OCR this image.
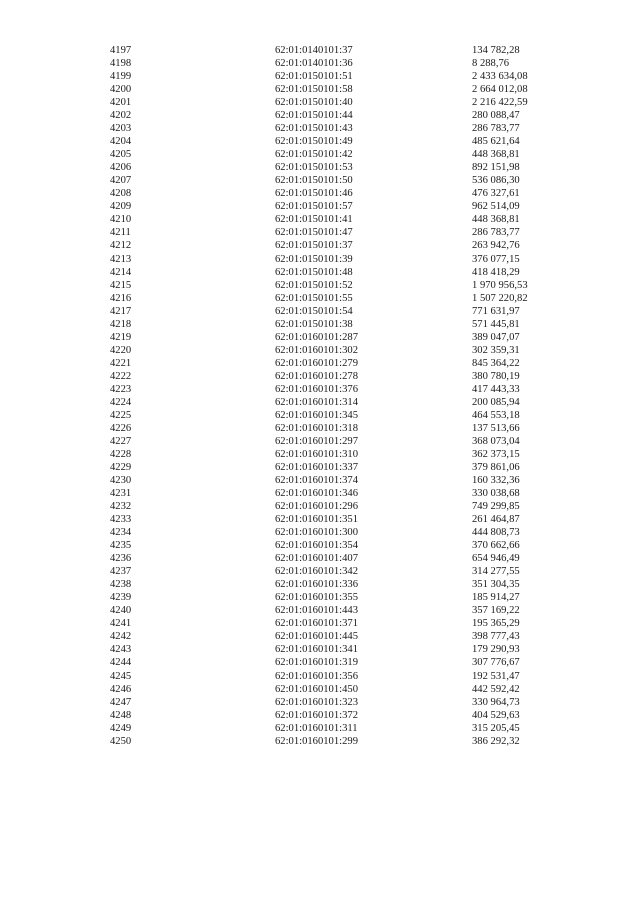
4197	62:01:0140101:37	134 782,28
4198	62:01:0140101:36	8 288,76
4199	62:01:0150101:51	2 433 634,08
4200	62:01:0150101:58	2 664 012,08
4201	62:01:0150101:40	2 216 422,59
4202	62:01:0150101:44	280 088,47
4203	62:01:0150101:43	286 783,77
4204	62:01:0150101:49	485 621,64
4205	62:01:0150101:42	448 368,81
4206	62:01:0150101:53	892 151,98
4207	62:01:0150101:50	536 086,30
4208	62:01:0150101:46	476 327,61
4209	62:01:0150101:57	962 514,09
4210	62:01:0150101:41	448 368,81
4211	62:01:0150101:47	286 783,77
4212	62:01:0150101:37	263 942,76
4213	62:01:0150101:39	376 077,15
4214	62:01:0150101:48	418 418,29
4215	62:01:0150101:52	1 970 956,53
4216	62:01:0150101:55	1 507 220,82
4217	62:01:0150101:54	771 631,97
4218	62:01:0150101:38	571 445,81
4219	62:01:0160101:287	389 047,07
4220	62:01:0160101:302	302 359,31
4221	62:01:0160101:279	845 364,22
4222	62:01:0160101:278	380 780,19
4223	62:01:0160101:376	417 443,33
4224	62:01:0160101:314	200 085,94
4225	62:01:0160101:345	464 553,18
4226	62:01:0160101:318	137 513,66
4227	62:01:0160101:297	368 073,04
4228	62:01:0160101:310	362 373,15
4229	62:01:0160101:337	379 861,06
4230	62:01:0160101:374	160 332,36
4231	62:01:0160101:346	330 038,68
4232	62:01:0160101:296	749 299,85
4233	62:01:0160101:351	261 464,87
4234	62:01:0160101:300	444 808,73
4235	62:01:0160101:354	370 662,66
4236	62:01:0160101:407	654 946,49
4237	62:01:0160101:342	314 277,55
4238	62:01:0160101:336	351 304,35
4239	62:01:0160101:355	185 914,27
4240	62:01:0160101:443	357 169,22
4241	62:01:0160101:371	195 365,29
4242	62:01:0160101:445	398 777,43
4243	62:01:0160101:341	179 290,93
4244	62:01:0160101:319	307 776,67
4245	62:01:0160101:356	192 531,47
4246	62:01:0160101:450	442 592,42
4247	62:01:0160101:323	330 964,73
4248	62:01:0160101:372	404 529,63
4249	62:01:0160101:311	315 205,45
4250	62:01:0160101:299	386 292,32
